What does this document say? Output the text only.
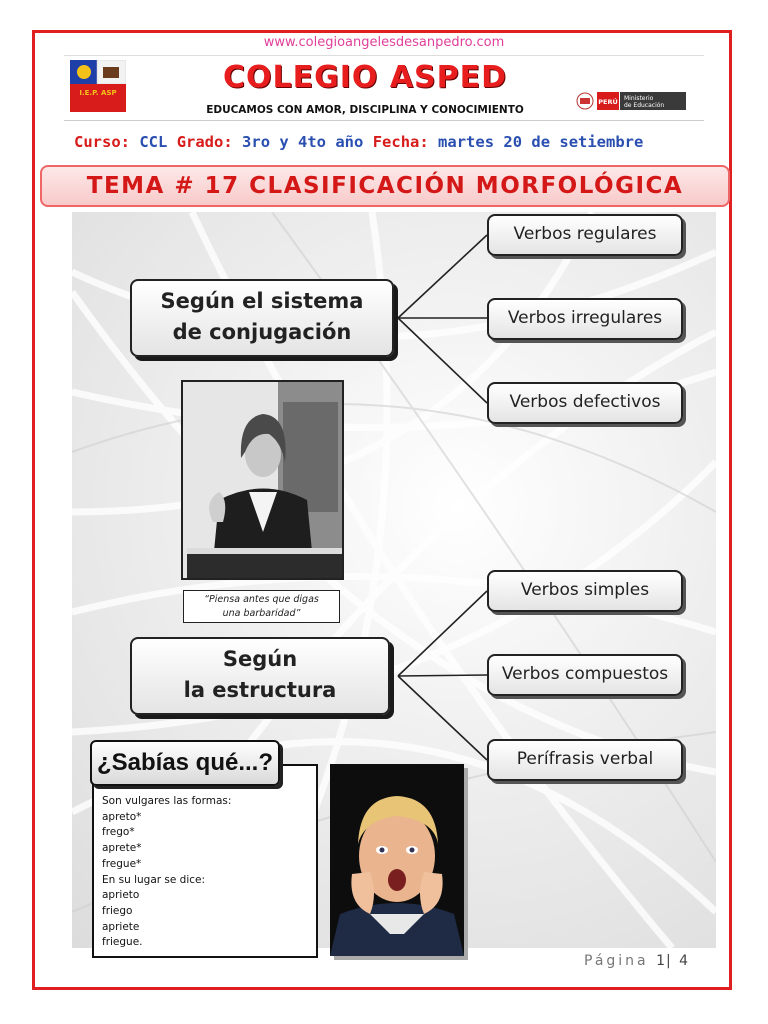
www.colegioangelesdesanpedro.com
I.E.P. ASP	COLEGIO ASPED
EDUCAMOS CON AMOR, DISCIPLINA Y CONOCIMIENTO
PERÚ Ministerio
de Educación
Curso: CCL Grado: 3ro y 4to año Fecha: martes 20 de setiembre
TEMA # 17 CLASIFICACIÓN MORFOLÓGICA
Según el sistema
de conjugación
Verbos regulares
Verbos irregulares
Verbos defectivos
Según
la estructura
Verbos simples
Verbos compuestos
Perífrasis verbal
“Piensa antes que digas
una barbaridad”
¿Sabías qué...?
Son vulgares las formas:
apreto*
frego*
aprete*
fregue*
En su lugar se dice:
aprieto
friego
apriete
friegue.
Página 1| 4
